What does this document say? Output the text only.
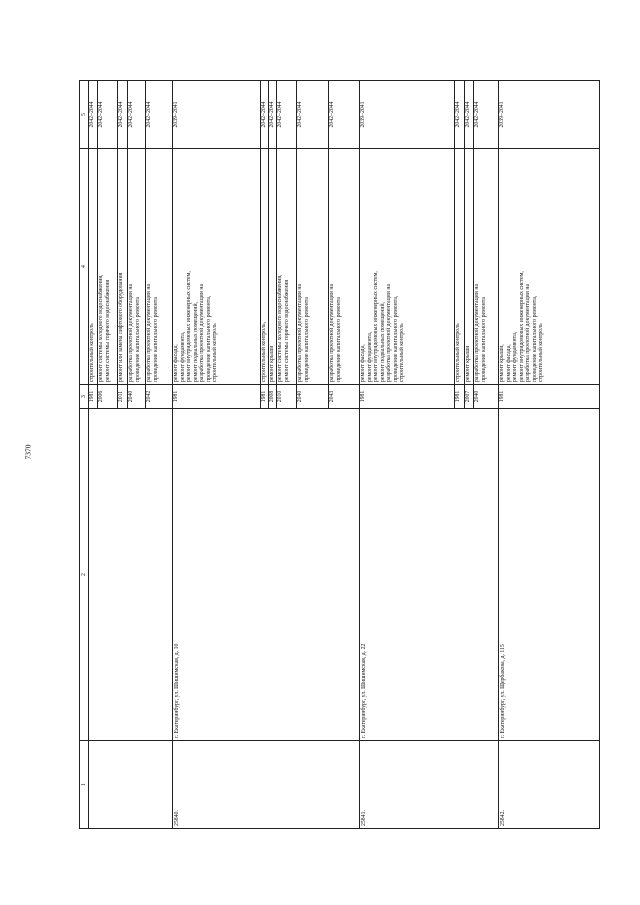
7370
1
2
3
4
5
1981
строительный контроль
2042–2044
2006
ремонт системы холодного водоснабжения, ремонт системы горячего водоснабжения
2042–2044
2011
ремонт или замена лифтового оборудования
2042–2044
2040
разработка проектной документации на проведение капитального ремонта
2042–2044
2042
разработка проектной документации на проведение капитального ремонта
2042–2044
25840.
г. Екатеринбург, ул. Шишимская, д. 10
1981
ремонт фасада, ремонт фундамента, ремонт внутридомовых инженерных систем, ремонт подвальных помещений, разработка проектной документации на проведение капитального ремонта, строительный контроль
2039–2041
1981
строительный контроль,
2042–2044
2008
ремонт крыши
2042–2044
2010
ремонт системы холодного водоснабжения, ремонт системы горячего водоснабжения
2042–2044
2040
разработка проектной документации на проведение капитального ремонта
2042–2044
2043
разработка проектной документации на проведение капитального ремонта
2042–2044
25841.
г. Екатеринбург, ул. Шишимская, д. 22
1981
ремонт фасада, ремонт фундамента, ремонт внутридомовых инженерных систем, ремонт подвальных помещений, разработка проектной документации на проведение капитального ремонта, строительный контроль
2039–2041
1981
строительный контроль
2042–2044
2007
ремонт крыши
2042–2044
2040
разработка проектной документации на проведение капитального ремонта
2042–2044
25842.
г. Екатеринбург, ул. Щербакова, д. 115
1981
ремонт крыши, ремонт фасада, ремонт фундамента, ремонт внутридомовых инженерных систем, разработка проектной документации на проведение капитального ремонта, строительный контроль
2039–2041
